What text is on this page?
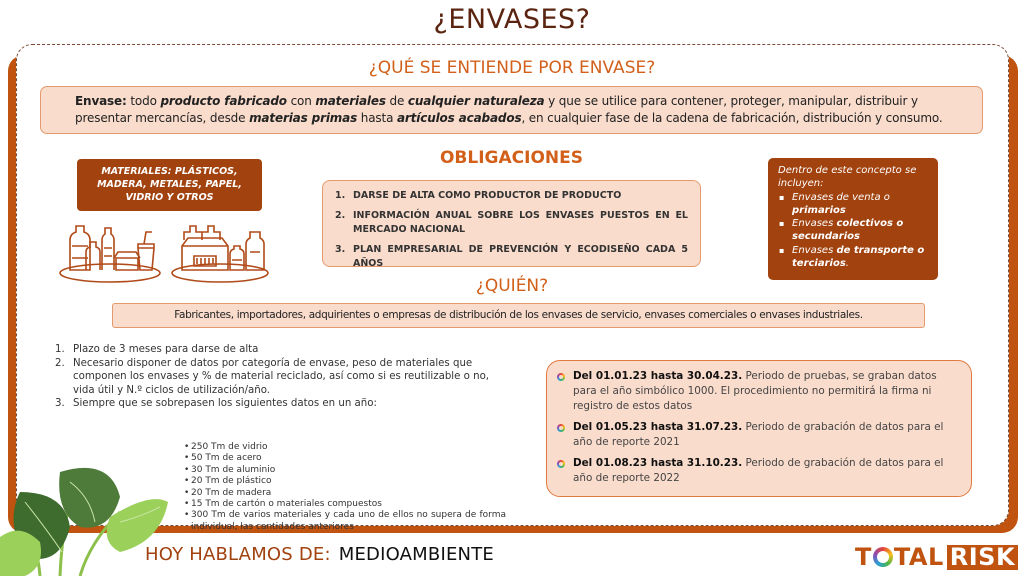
¿ENVASES?
¿QUÉ SE ENTIENDE POR ENVASE?
Envase: todo producto fabricado con materiales de cualquier naturaleza y que se utilice para contener, proteger, manipular, distribuir y presentar mercancías, desde materias primas hasta artículos acabados, en cualquier fase de la cadena de fabricación, distribución y consumo.
MATERIALES: PLÁSTICOS, MADERA, METALES, PAPEL, VIDRIO Y OTROS
OBLIGACIONES
1. DARSE DE ALTA COMO PRODUCTOR DE PRODUCTO
2. INFORMACIÓN ANUAL SOBRE LOS ENVASES PUESTOS EN EL MERCADO NACIONAL
3. PLAN EMPRESARIAL DE PREVENCIÓN Y ECODISEÑO CADA 5 AÑOS
Dentro de este concepto se incluyen:
▪ Envases de venta o primarios
▪ Envases colectivos o secundarios
▪ Envases de transporte o terciarios.
¿QUIÉN?
Fabricantes, importadores, adquirientes o empresas de distribución de los envases de servicio, envases comerciales o envases industriales.
1. Plazo de 3 meses para darse de alta
2. Necesario disponer de datos por categoría de envase, peso de materiales que componen los envases y % de material reciclado, así como si es reutilizable o no, vida útil y N.º ciclos de utilización/año.
3. Siempre que se sobrepasen los siguientes datos en un año:
• 250 Tm de vidrio
• 50 Tm de acero
• 30 Tm de aluminio
• 20 Tm de plástico
• 20 Tm de madera
• 15 Tm de cartón o materiales compuestos
• 300 Tm de varios materiales y cada uno de ellos no supera de forma individual, las cantidades anteriores
Del 01.01.23 hasta 30.04.23. Periodo de pruebas, se graban datos para el año simbólico 1000. El procedimiento no permitirá la firma ni registro de estos datos
Del 01.05.23 hasta 31.07.23. Periodo de grabación de datos para el año de reporte 2021
Del 01.08.23 hasta 31.10.23. Periodo de grabación de datos para el año de reporte 2022
HOY HABLAMOS DE: MEDIOAMBIENTE	T TAL RISK
